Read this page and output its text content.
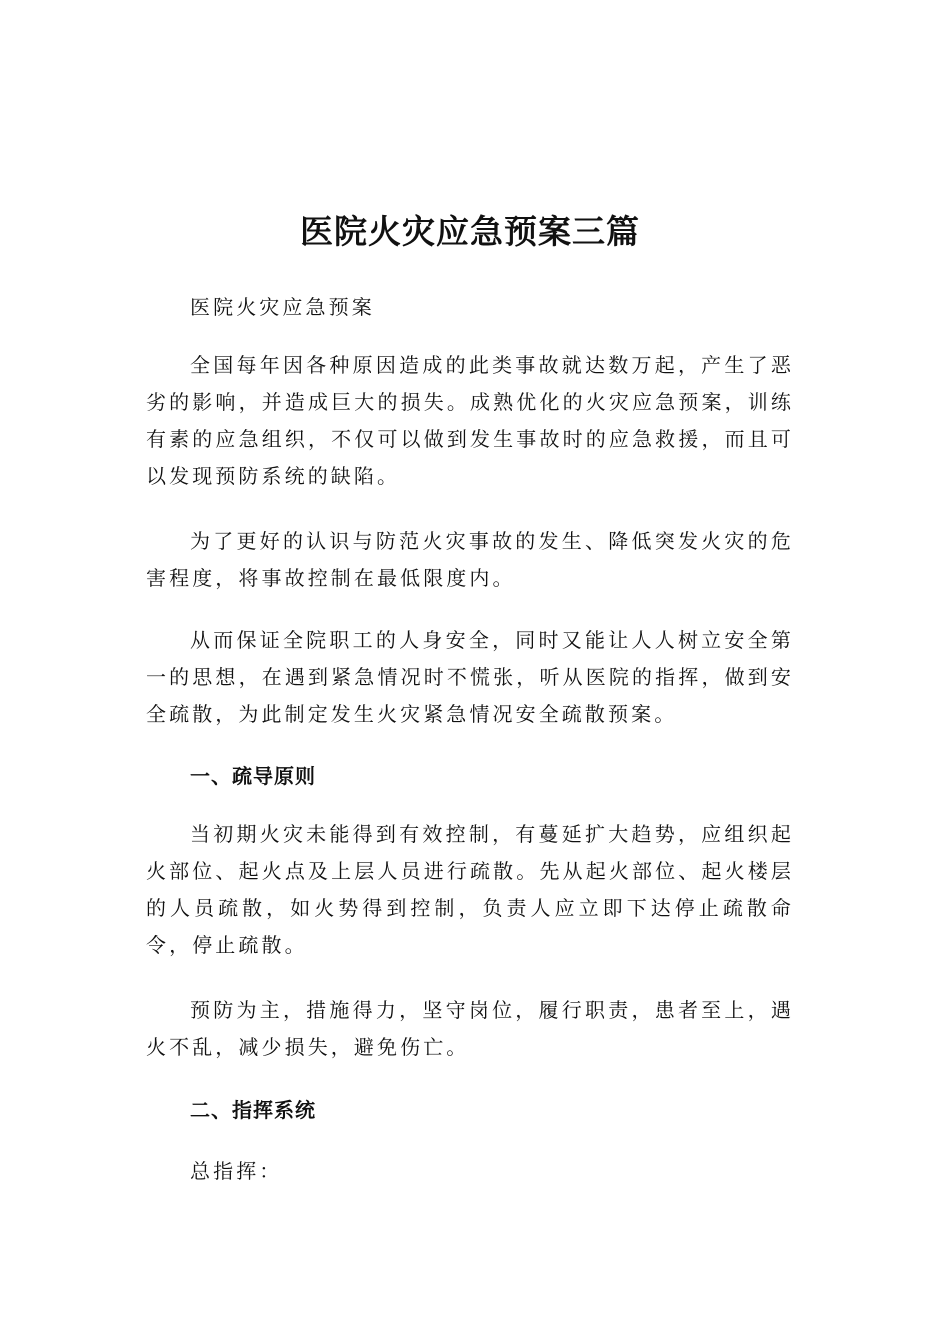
医院火灾应急预案三篇

医院火灾应急预案

全国每年因各种原因造成的此类事故就达数万起，产生了恶劣的影响，并造成巨大的损失。成熟优化的火灾应急预案，训练有素的应急组织，不仅可以做到发生事故时的应急救援，而且可以发现预防系统的缺陷。

为了更好的认识与防范火灾事故的发生、降低突发火灾的危害程度，将事故控制在最低限度内。

从而保证全院职工的人身安全，同时又能让人人树立安全第一的思想，在遇到紧急情况时不慌张，听从医院的指挥，做到安全疏散，为此制定发生火灾紧急情况安全疏散预案。

一、疏导原则

当初期火灾未能得到有效控制，有蔓延扩大趋势，应组织起火部位、起火点及上层人员进行疏散。先从起火部位、起火楼层的人员疏散，如火势得到控制，负责人应立即下达停止疏散命令，停止疏散。

预防为主，措施得力，坚守岗位，履行职责，患者至上，遇火不乱，减少损失，避免伤亡。

二、指挥系统

总指挥：
